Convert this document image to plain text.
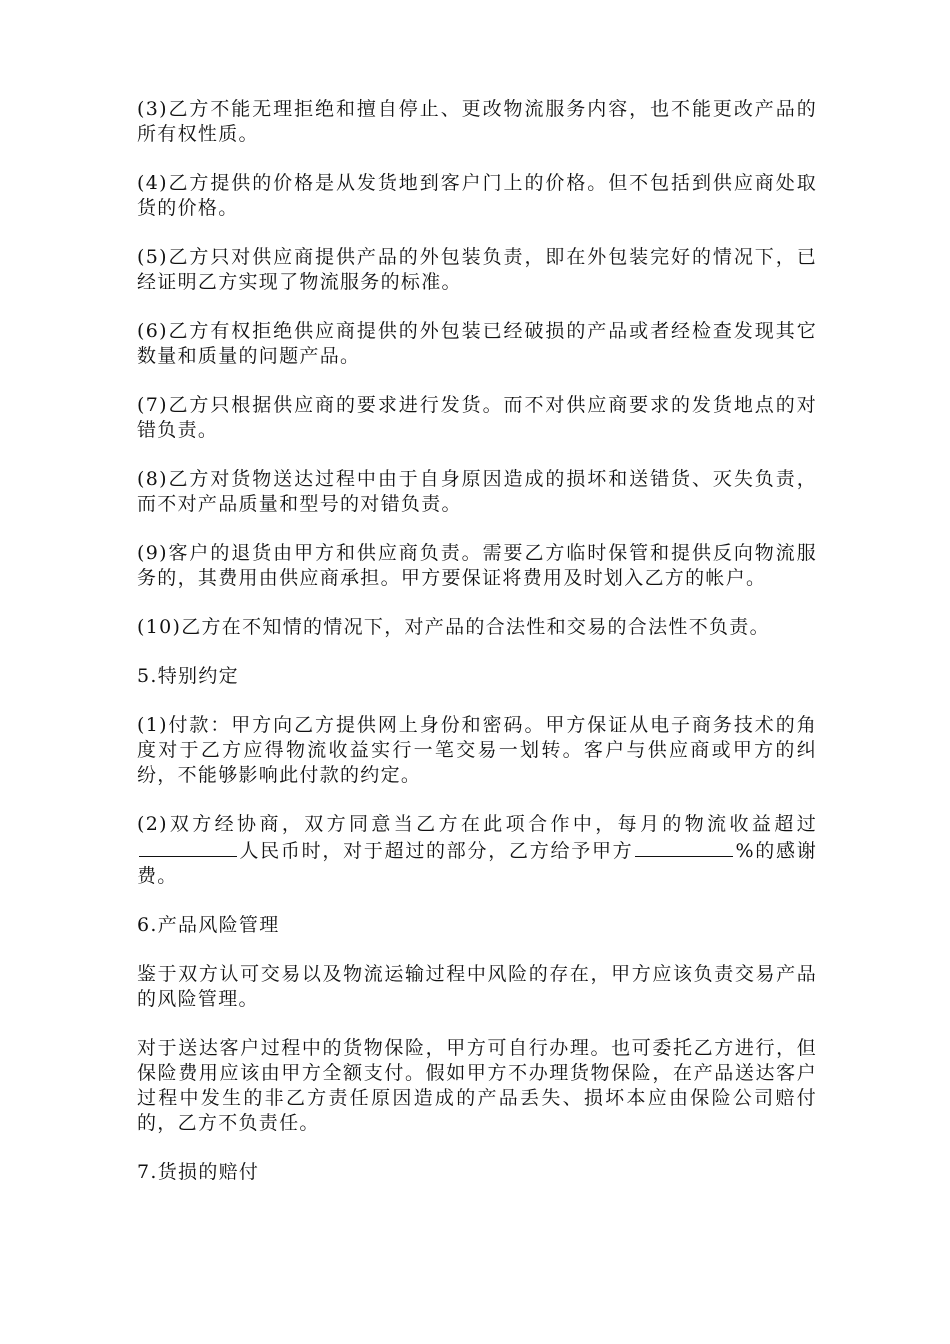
(3)乙方不能无理拒绝和擅自停止、更改物流服务内容，也不能更改产品的所有权性质。

(4)乙方提供的价格是从发货地到客户门上的价格。但不包括到供应商处取货的价格。

(5)乙方只对供应商提供产品的外包装负责，即在外包装完好的情况下，已经证明乙方实现了物流服务的标准。

(6)乙方有权拒绝供应商提供的外包装已经破损的产品或者经检查发现其它数量和质量的问题产品。

(7)乙方只根据供应商的要求进行发货。而不对供应商要求的发货地点的对错负责。

(8)乙方对货物送达过程中由于自身原因造成的损坏和送错货、灭失负责，而不对产品质量和型号的对错负责。

(9)客户的退货由甲方和供应商负责。需要乙方临时保管和提供反向物流服务的，其费用由供应商承担。甲方要保证将费用及时划入乙方的帐户。

(10)乙方在不知情的情况下，对产品的合法性和交易的合法性不负责。

5.特别约定

(1)付款：甲方向乙方提供网上身份和密码。甲方保证从电子商务技术的角度对于乙方应得物流收益实行一笔交易一划转。客户与供应商或甲方的纠纷，不能够影响此付款的约定。

(2)双方经协商，双方同意当乙方在此项合作中，每月的物流收益超过人民币时，对于超过的部分，乙方给予甲方	%的感谢费。

6.产品风险管理

鉴于双方认可交易以及物流运输过程中风险的存在，甲方应该负责交易产品的风险管理。

对于送达客户过程中的货物保险，甲方可自行办理。也可委托乙方进行，但保险费用应该由甲方全额支付。假如甲方不办理货物保险，在产品送达客户过程中发生的非乙方责任原因造成的产品丢失、损坏本应由保险公司赔付的，乙方不负责任。

7.货损的赔付
